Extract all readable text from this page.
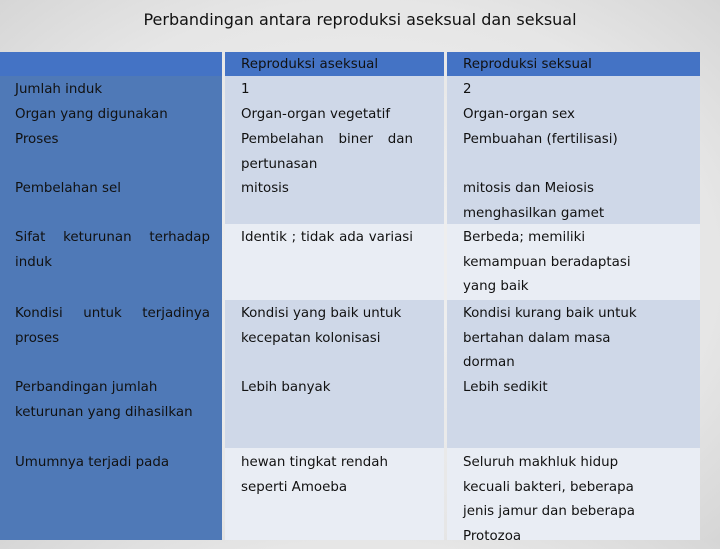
Perbandingan antara reproduksi aseksual dan seksual
Jumlah induk
Organ yang digunakan
Proses
Pembelahan sel
Sifat keturunan terhadap induk
Kondisi untuk terjadinya proses
Perbandingan jumlah keturunan yang dihasilkan
Umumnya terjadi pada
Reproduksi aseksual
1
Organ-organ vegetatif
Pembelahan biner dan pertunasan
mitosis
Identik ; tidak ada variasi
Kondisi yang baik untuk kecepatan kolonisasi
Lebih banyak
hewan tingkat rendah seperti Amoeba
Reproduksi seksual
2
Organ-organ sex
Pembuahan (fertilisasi)
mitosis dan Meiosis menghasilkan gamet
Berbeda; memiliki kemampuan beradaptasi yang baik
Kondisi kurang baik untuk bertahan dalam masa dorman
Lebih sedikit
Seluruh makhluk hidup kecuali bakteri, beberapa jenis jamur dan beberapa Protozoa
